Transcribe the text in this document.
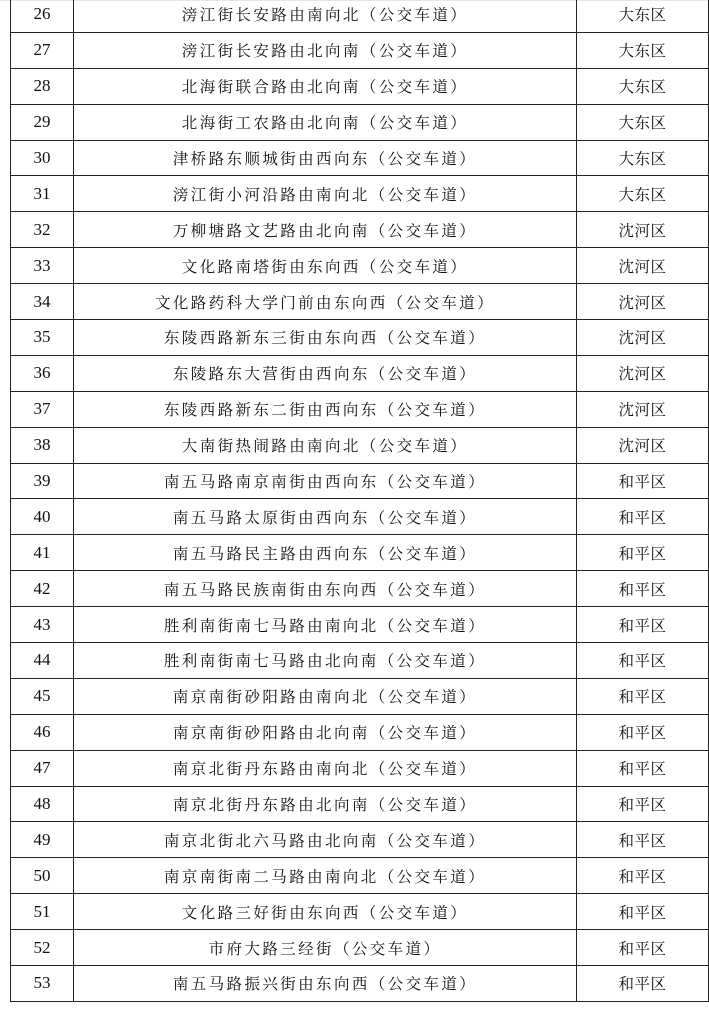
26	滂江街长安路由南向北（公交车道）	大东区
27	滂江街长安路由北向南（公交车道）	大东区
28	北海街联合路由北向南（公交车道）	大东区
29	北海街工农路由北向南（公交车道）	大东区
30	津桥路东顺城街由西向东（公交车道）	大东区
31	滂江街小河沿路由南向北（公交车道）	大东区
32	万柳塘路文艺路由北向南（公交车道）	沈河区
33	文化路南塔街由东向西（公交车道）	沈河区
34	文化路药科大学门前由东向西（公交车道）	沈河区
35	东陵西路新东三街由东向西（公交车道）	沈河区
36	东陵路东大营街由西向东（公交车道）	沈河区
37	东陵西路新东二街由西向东（公交车道）	沈河区
38	大南街热闹路由南向北（公交车道）	沈河区
39	南五马路南京南街由西向东（公交车道）	和平区
40	南五马路太原街由西向东（公交车道）	和平区
41	南五马路民主路由西向东（公交车道）	和平区
42	南五马路民族南街由东向西（公交车道）	和平区
43	胜利南街南七马路由南向北（公交车道）	和平区
44	胜利南街南七马路由北向南（公交车道）	和平区
45	南京南街砂阳路由南向北（公交车道）	和平区
46	南京南街砂阳路由北向南（公交车道）	和平区
47	南京北街丹东路由南向北（公交车道）	和平区
48	南京北街丹东路由北向南（公交车道）	和平区
49	南京北街北六马路由北向南（公交车道）	和平区
50	南京南街南二马路由南向北（公交车道）	和平区
51	文化路三好街由东向西（公交车道）	和平区
52	市府大路三经街（公交车道）	和平区
53	南五马路振兴街由东向西（公交车道）	和平区
